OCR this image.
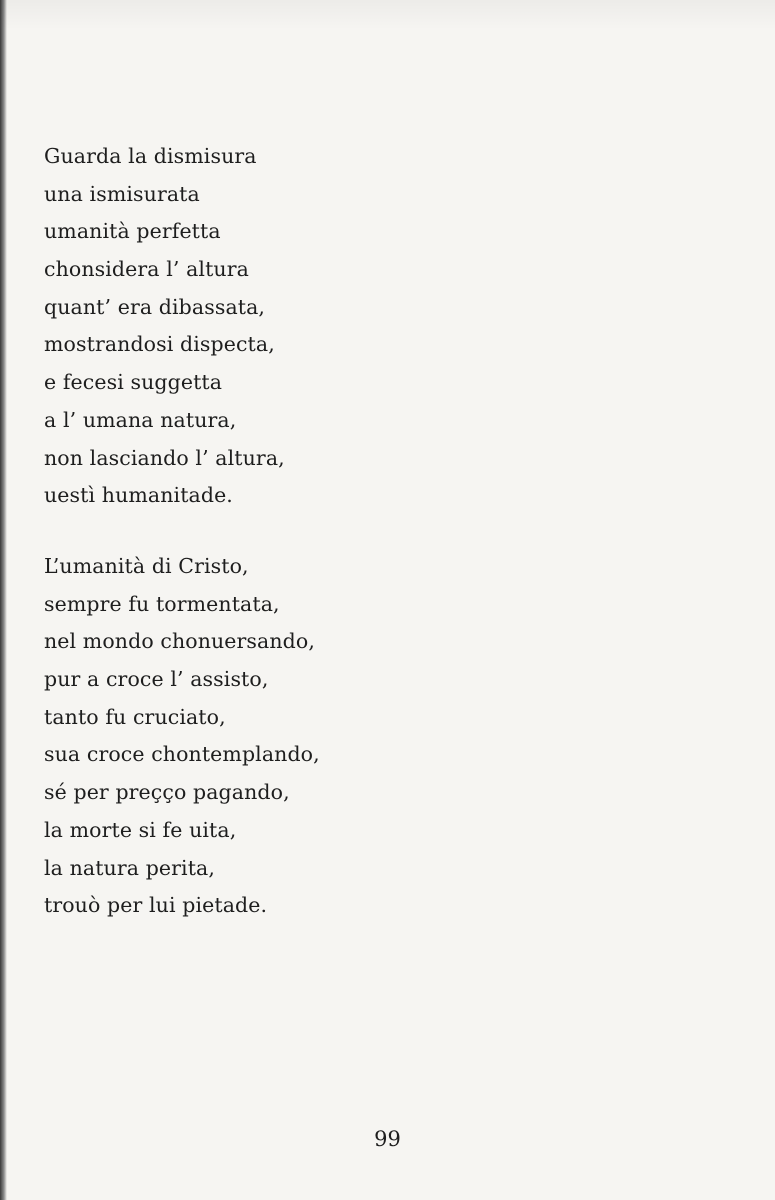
Guarda la dismisura
una ismisurata
umanità perfetta
chonsidera l’ altura
quant’ era dibassata,
mostrandosi dispecta,
e fecesi suggetta
a l’ umana natura,
non lasciando l’ altura,
uestì humanitade.
L’umanità di Cristo,
sempre fu tormentata,
nel mondo chonuersando,
pur a croce l’ assisto,
tanto fu cruciato,
sua croce chontemplando,
sé per preçço pagando,
la morte si fe uita,
la natura perita,
trouò per lui pietade.
99
